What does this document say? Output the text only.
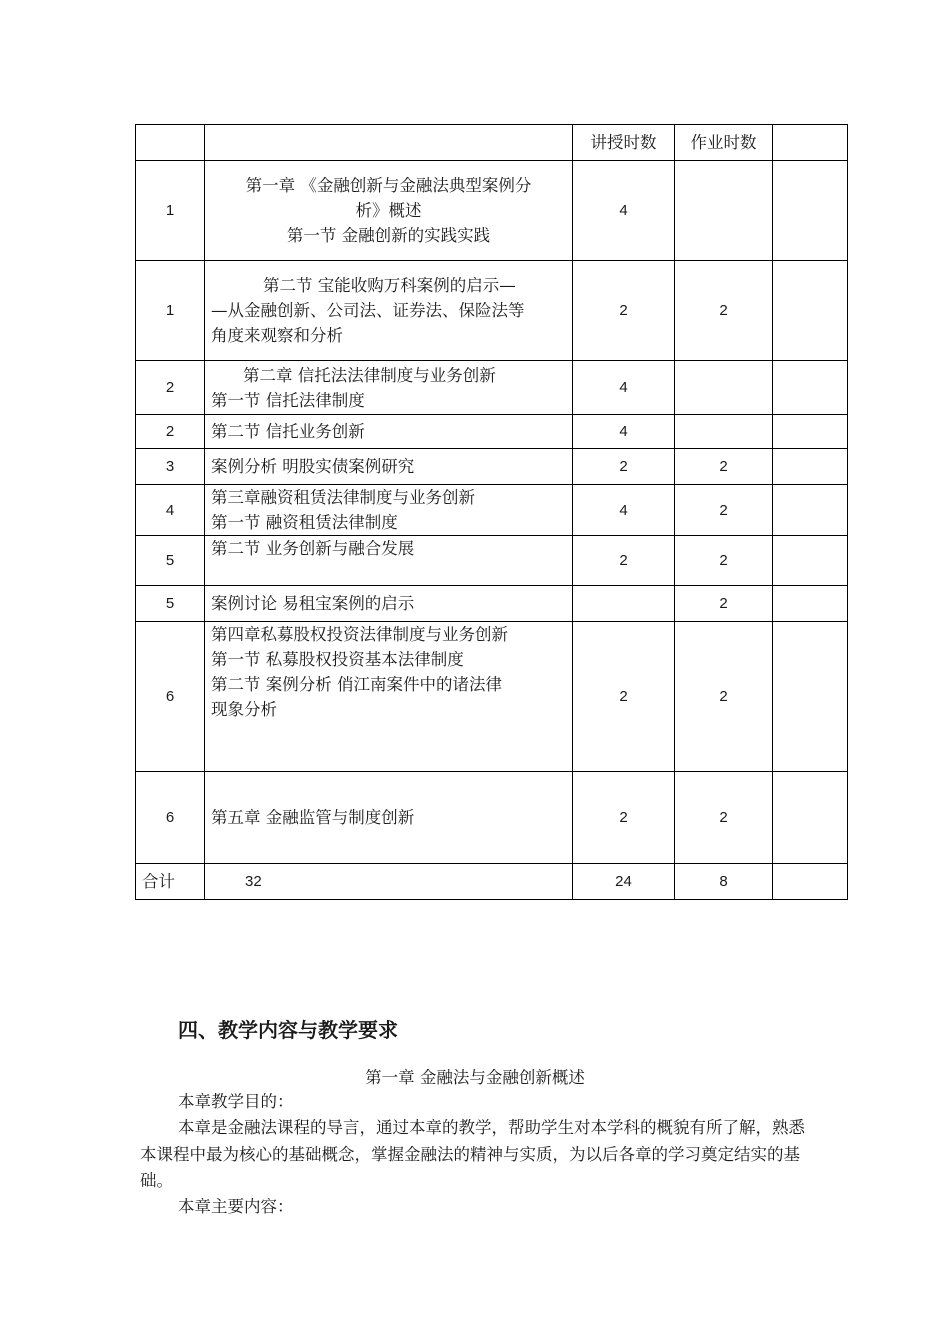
		讲授时数	作业时数	
1	第一章 《金融创新与金融法典型案例分
析》概述
第一节 金融创新的实践实践	4		
1	第二节 宝能收购万科案例的启示—
—从金融创新、公司法、证券法、保险法等
角度来观察和分析	2	2	
2	第二章 信托法法律制度与业务创新
第一节 信托法律制度	4		
2	第二节 信托业务创新	4		
3	案例分析 明股实债案例研究	2	2	
4	第三章融资租赁法律制度与业务创新
第一节 融资租赁法律制度	4	2	
5	第二节 业务创新与融合发展	2	2	
5	案例讨论 易租宝案例的启示		2	
6	第四章私募股权投资法律制度与业务创新
第一节 私募股权投资基本法律制度
第二节 案例分析 俏江南案件中的诸法律
现象分析	2	2	
6	第五章 金融监管与制度创新	2	2	
合计	32	24	8	
四、教学内容与教学要求
第一章 金融法与金融创新概述

本章教学目的：

本章是金融法课程的导言，通过本章的教学，帮助学生对本学科的概貌有所了解，熟悉本课程中最为核心的基础概念，掌握金融法的精神与实质，为以后各章的学习奠定结实的基础。

本章主要内容：
